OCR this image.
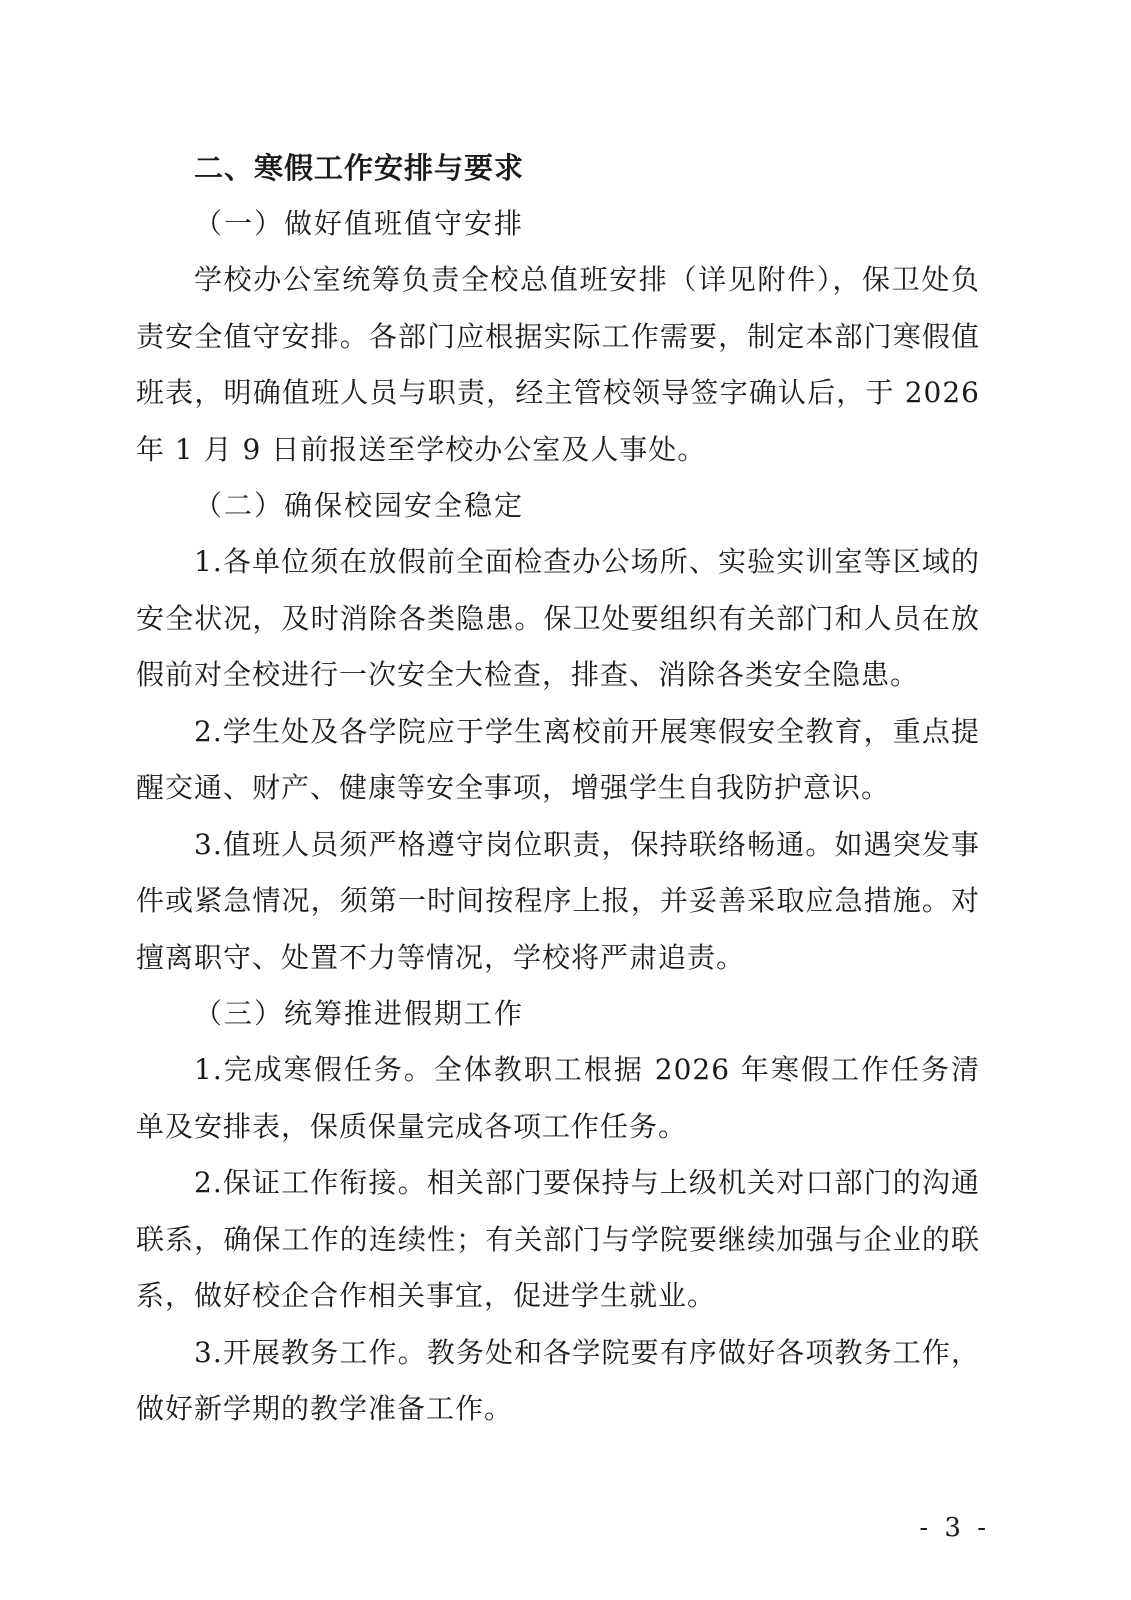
二、寒假工作安排与要求

（一）做好值班值守安排

学校办公室统筹负责全校总值班安排（详见附件），保卫处负责安全值守安排。各部门应根据实际工作需要，制定本部门寒假值班表，明确值班人员与职责，经主管校领导签字确认后，于 2026 年 1 月 9 日前报送至学校办公室及人事处。

（二）确保校园安全稳定

1.各单位须在放假前全面检查办公场所、实验实训室等区域的安全状况，及时消除各类隐患。保卫处要组织有关部门和人员在放假前对全校进行一次安全大检查，排查、消除各类安全隐患。

2.学生处及各学院应于学生离校前开展寒假安全教育，重点提醒交通、财产、健康等安全事项，增强学生自我防护意识。

3.值班人员须严格遵守岗位职责，保持联络畅通。如遇突发事件或紧急情况，须第一时间按程序上报，并妥善采取应急措施。对擅离职守、处置不力等情况，学校将严肃追责。

（三）统筹推进假期工作

1.完成寒假任务。全体教职工根据 2026 年寒假工作任务清单及安排表，保质保量完成各项工作任务。

2.保证工作衔接。相关部门要保持与上级机关对口部门的沟通联系，确保工作的连续性；有关部门与学院要继续加强与企业的联系，做好校企合作相关事宜，促进学生就业。

3.开展教务工作。教务处和各学院要有序做好各项教务工作，做好新学期的教学准备工作。

- 3 -
